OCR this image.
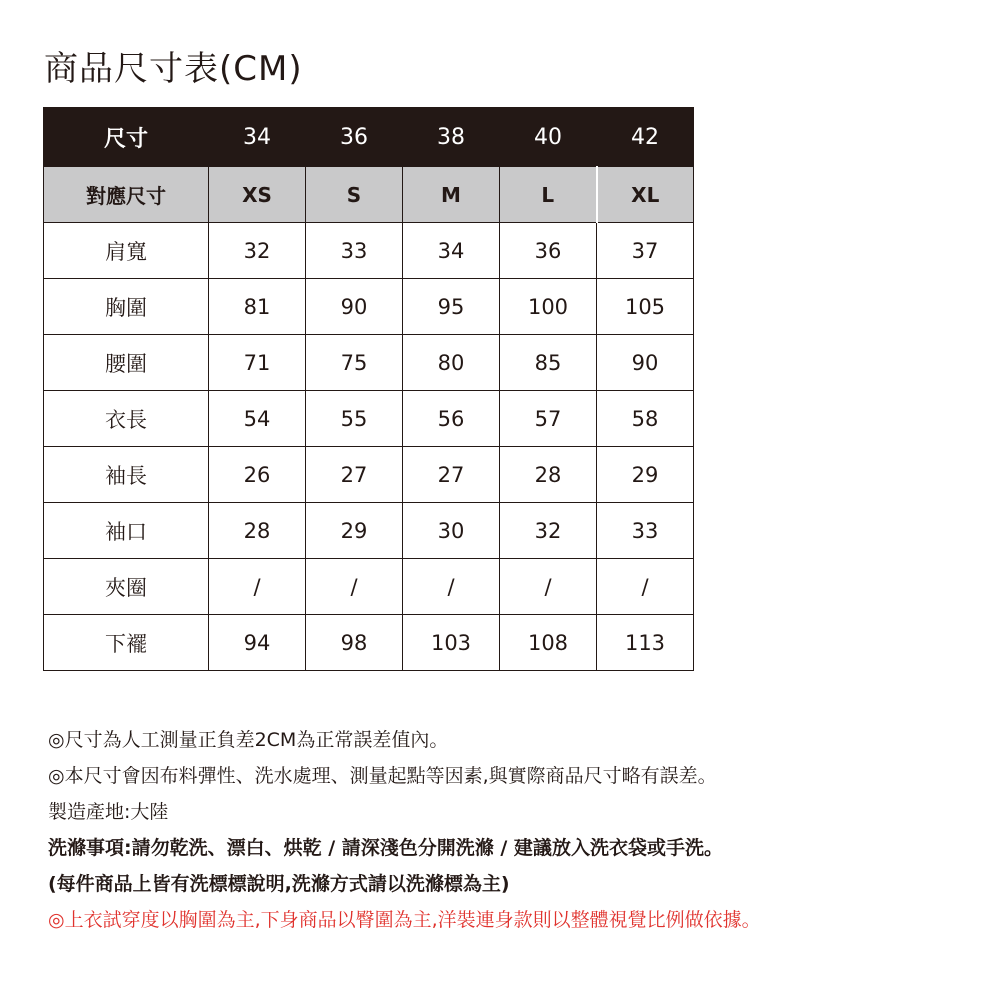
商品尺寸表(CM)
尺寸	34	36	38	40	42
對應尺寸	XS	S	M	L	XL
肩寬	32	33	34	36	37
胸圍	81	90	95	100	105
腰圍	71	75	80	85	90
衣長	54	55	56	57	58
袖長	26	27	27	28	29
袖口	28	29	30	32	33
夾圈	/	/	/	/	/
下襬	94	98	103	108	113
◎尺寸為人工測量正負差2CM為正常誤差值內。
◎本尺寸會因布料彈性、洗水處理、測量起點等因素,與實際商品尺寸略有誤差。
製造產地:大陸
洗滌事項:請勿乾洗、漂白、烘乾 / 請深淺色分開洗滌 / 建議放入洗衣袋或手洗。
(每件商品上皆有洗標標說明,洗滌方式請以洗滌標為主)
◎上衣試穿度以胸圍為主,下身商品以臀圍為主,洋裝連身款則以整體視覺比例做依據。
